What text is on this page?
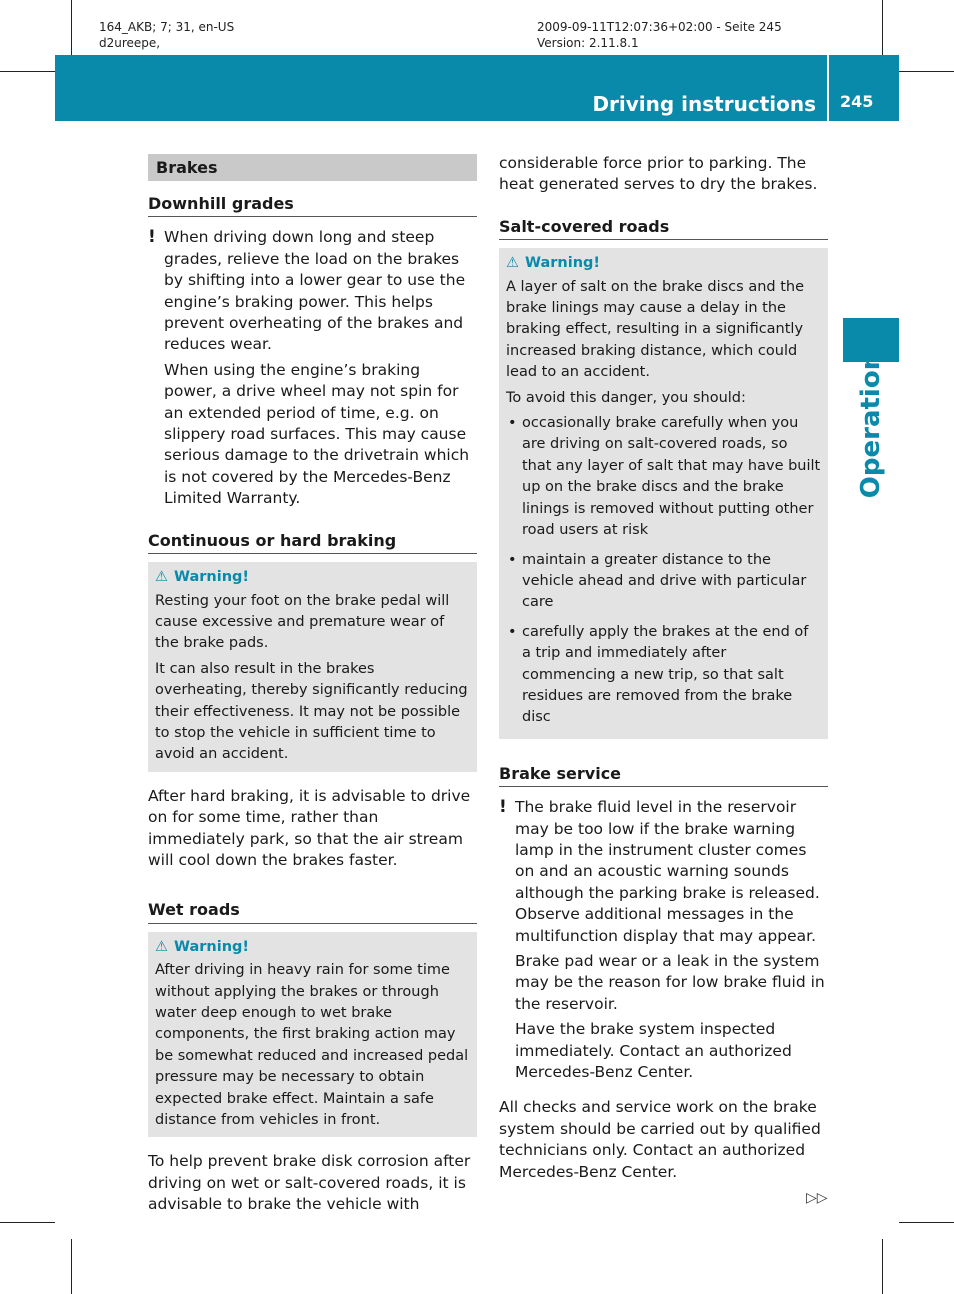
164_AKB; 7; 31, en-US
d2ureepe,
2009-09-11T12:07:36+02:00 - Seite 245
Version: 2.11.8.1
Driving instructions 245
Operation
Brakes
Downhill grades
! When driving down long and steep grades, relieve the load on the brakes by shifting into a lower gear to use the engine’s braking power. This helps prevent overheating of the brakes and reduces wear.

When using the engine’s braking power, a drive wheel may not spin for an extended period of time, e.g. on slippery road surfaces. This may cause serious damage to the drivetrain which is not covered by the Mercedes-Benz Limited Warranty.

Continuous or hard braking
⚠ Warning!

Resting your foot on the brake pedal will cause excessive and premature wear of the brake pads.

It can also result in the brakes overheating, thereby significantly reducing their effectiveness. It may not be possible to stop the vehicle in sufficient time to avoid an accident.

After hard braking, it is advisable to drive on for some time, rather than immediately park, so that the air stream will cool down the brakes faster.

Wet roads
⚠ Warning!

After driving in heavy rain for some time without applying the brakes or through water deep enough to wet brake components, the first braking action may be somewhat reduced and increased pedal pressure may be necessary to obtain expected brake effect. Maintain a safe distance from vehicles in front.

To help prevent brake disk corrosion after driving on wet or salt-covered roads, it is advisable to brake the vehicle with

considerable force prior to parking. The heat generated serves to dry the brakes.

Salt-covered roads
⚠ Warning!

A layer of salt on the brake discs and the brake linings may cause a delay in the braking effect, resulting in a significantly increased braking distance, which could lead to an accident.

To avoid this danger, you should:

• occasionally brake carefully when you are driving on salt-covered roads, so that any layer of salt that may have built up on the brake discs and the brake linings is removed without putting other road users at risk
• maintain a greater distance to the vehicle ahead and drive with particular care
• carefully apply the brakes at the end of a trip and immediately after commencing a new trip, so that salt residues are removed from the brake disc
Brake service
! The brake fluid level in the reservoir may be too low if the brake warning lamp in the instrument cluster comes on and an acoustic warning sounds although the parking brake is released. Observe additional messages in the multifunction display that may appear.

Brake pad wear or a leak in the system may be the reason for low brake fluid in the reservoir.

Have the brake system inspected immediately. Contact an authorized Mercedes-Benz Center.

All checks and service work on the brake system should be carried out by qualified technicians only. Contact an authorized Mercedes-Benz Center.

▷▷
